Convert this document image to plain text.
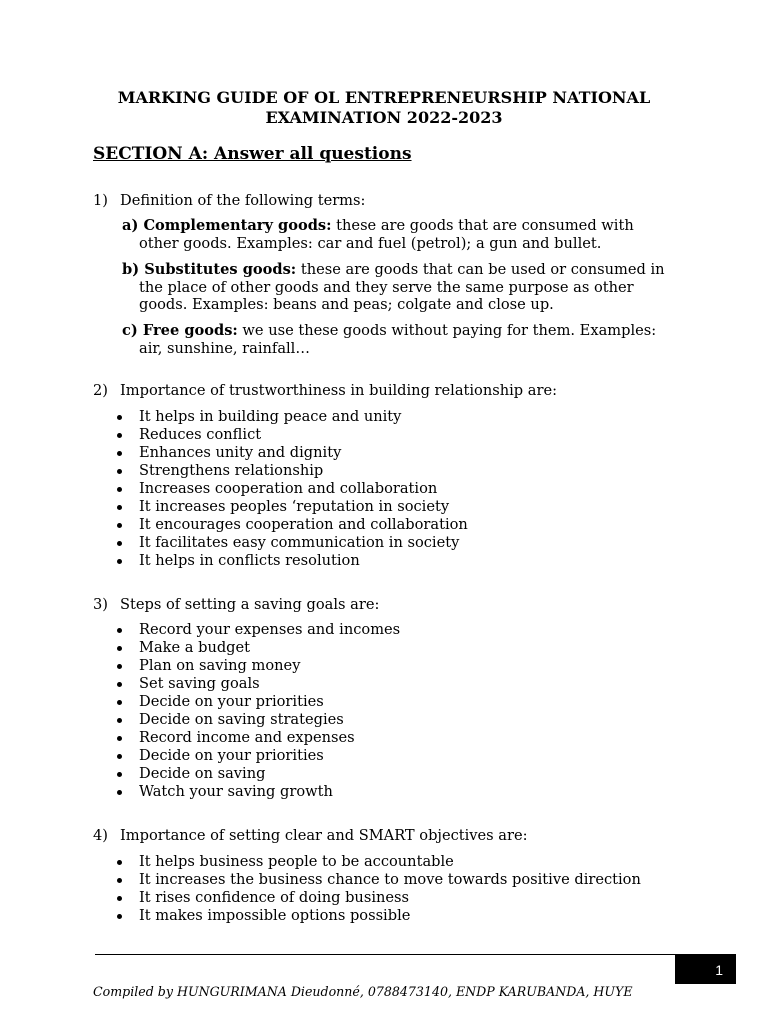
MARKING GUIDE OF OL ENTREPRENEURSHIP NATIONAL
EXAMINATION 2022-2023
SECTION A: Answer all questions
1) Definition of the following terms:
a) Complementary goods: these are goods that are consumed with
other goods. Examples: car and fuel (petrol); a gun and bullet.
b) Substitutes goods: these are goods that can be used or consumed in
the place of other goods and they serve the same purpose as other
goods. Examples: beans and peas; colgate and close up.
c) Free goods: we use these goods without paying for them. Examples:
air, sunshine, rainfall…
2) Importance of trustworthiness in building relationship are:
It helps in building peace and unity
Reduces conflict
Enhances unity and dignity
Strengthens relationship
Increases cooperation and collaboration
It increases peoples ‘reputation in society
It encourages cooperation and collaboration
It facilitates easy communication in society
It helps in conflicts resolution
3) Steps of setting a saving goals are:
Record your expenses and incomes
Make a budget
Plan on saving money
Set saving goals
Decide on your priorities
Decide on saving strategies
Record income and expenses
Decide on your priorities
Decide on saving
Watch your saving growth
4) Importance of setting clear and SMART objectives are:
It helps business people to be accountable
It increases the business chance to move towards positive direction
It rises confidence of doing business
It makes impossible options possible
1
Compiled by HUNGURIMANA Dieudonné, 0788473140, ENDP KARUBANDA, HUYE
